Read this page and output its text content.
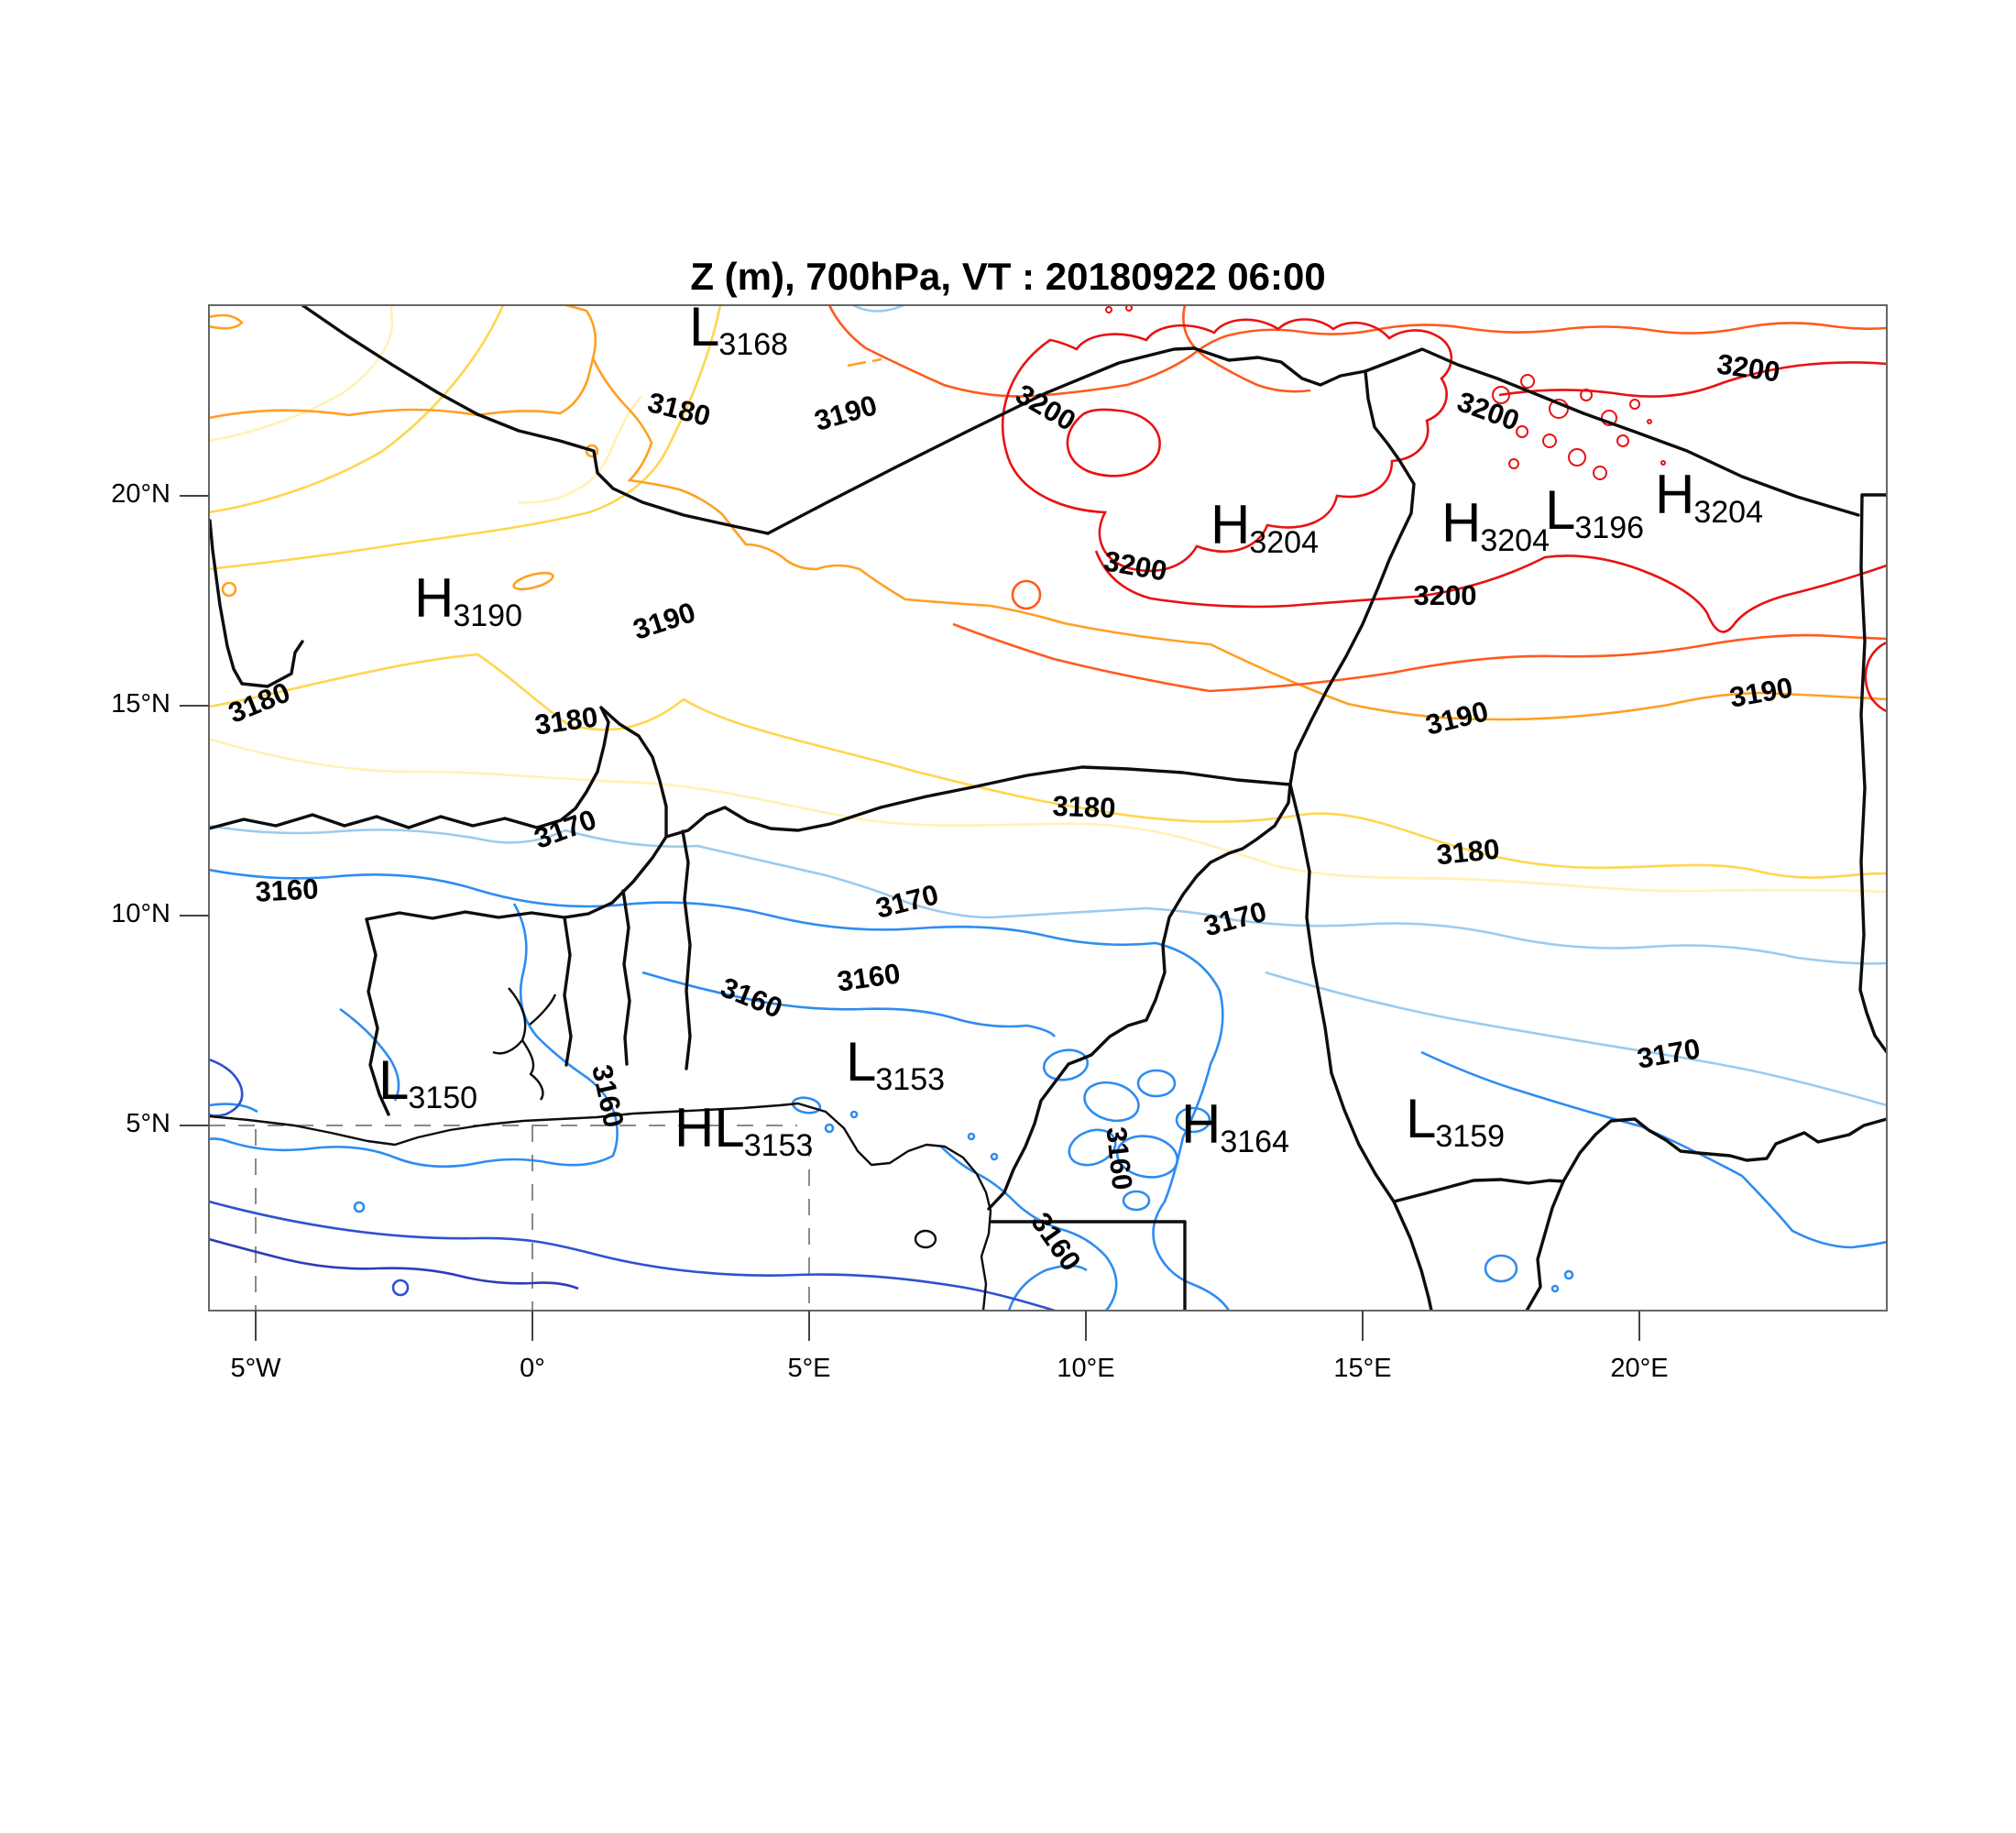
Z (m), 700hPa, VT : 20180922 06:00
5°W	0°	5°E	10°E	15°E	20°E
20°N
15°N
10°N
5°N
3180	3190	3200
3200
3200
3200
3200
3190
3180	3180
3170
3160	3170	3170
3160
3160
3160
3160
3160
3180
3180
3190
3190
3170
L3168
H3190
H3204 H3204
L3196
H3204
L3150	HL3153
L3153
H3164 L3159
